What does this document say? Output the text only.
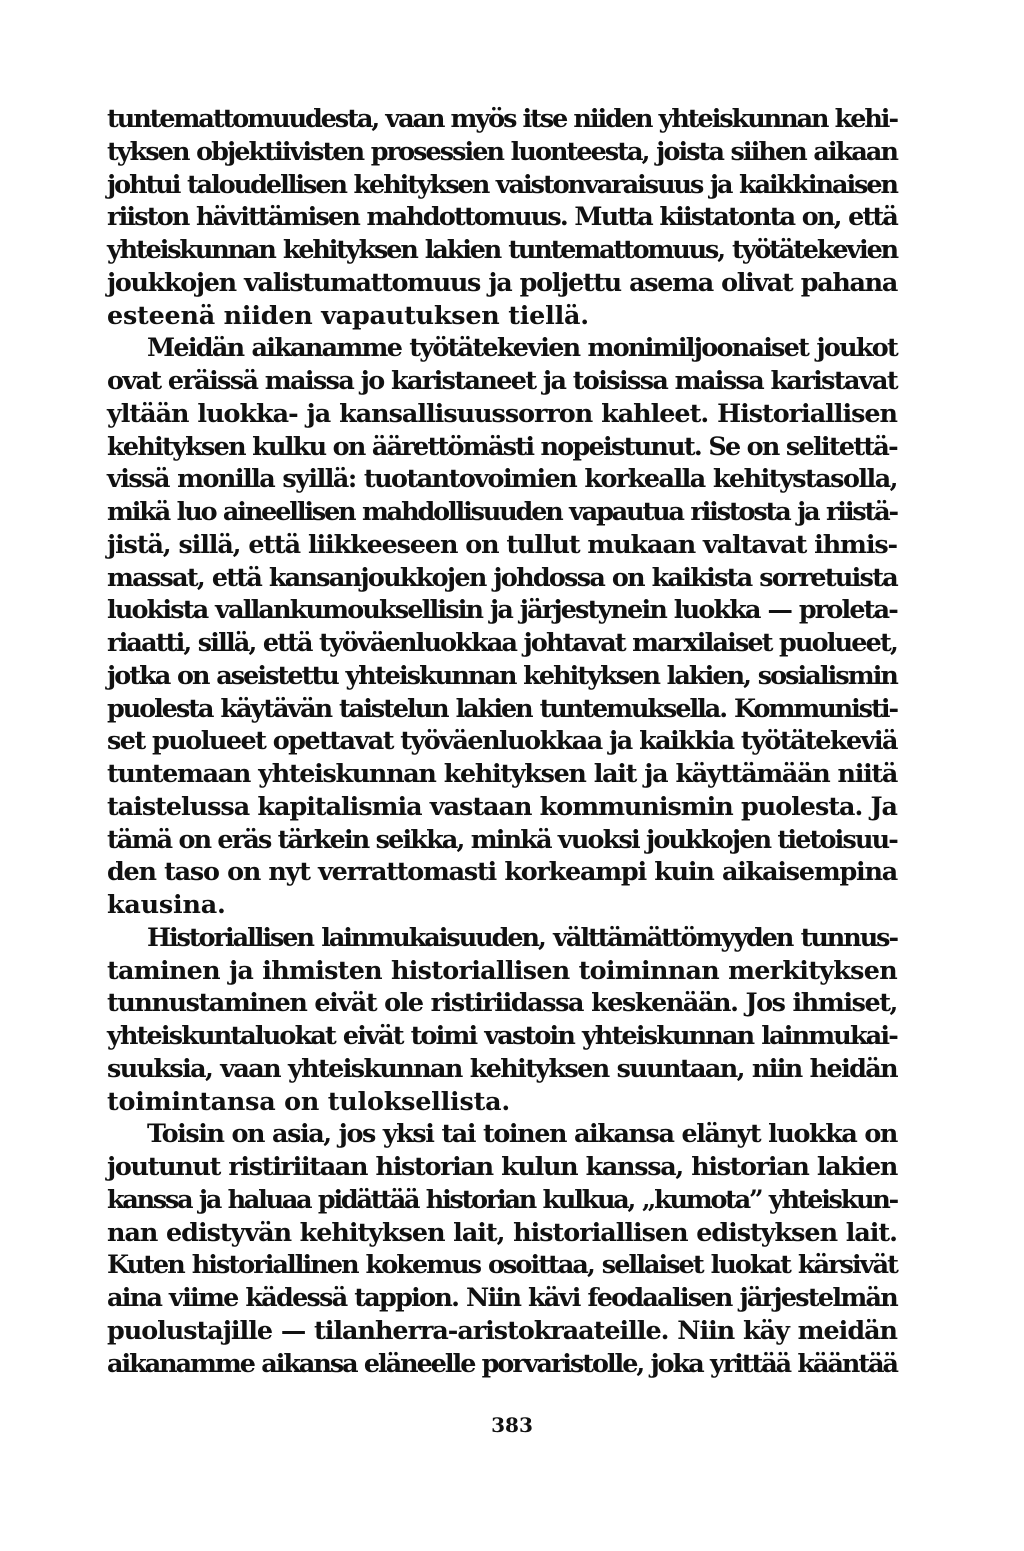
tuntemattomuudesta, vaan myös itse niiden yhteiskunnan kehi-
tyksen objektiivisten prosessien luonteesta, joista siihen aikaan
johtui taloudellisen kehityksen vaistonvaraisuus ja kaikkinaisen
riiston hävittämisen mahdottomuus. Mutta kiistatonta on, että
yhteiskunnan kehityksen lakien tuntemattomuus, työtätekevien
joukkojen valistumattomuus ja poljettu asema olivat pahana
esteenä niiden vapautuksen tiellä.
Meidän aikanamme työtätekevien monimiljoonaiset joukot
ovat eräissä maissa jo karistaneet ja toisissa maissa karistavat
yltään luokka- ja kansallisuussorron kahleet. Historiallisen
kehityksen kulku on äärettömästi nopeistunut. Se on selitettä-
vissä monilla syillä: tuotantovoimien korkealla kehitystasolla,
mikä luo aineellisen mahdollisuuden vapautua riistosta ja riistä-
jistä, sillä, että liikkeeseen on tullut mukaan valtavat ihmis-
massat, että kansanjoukkojen johdossa on kaikista sorretuista
luokista vallankumouksellisin ja järjestynein luokka — proleta-
riaatti, sillä, että työväenluokkaa johtavat marxilaiset puolueet,
jotka on aseistettu yhteiskunnan kehityksen lakien, sosialismin
puolesta käytävän taistelun lakien tuntemuksella. Kommunisti-
set puolueet opettavat työväenluokkaa ja kaikkia työtätekeviä
tuntemaan yhteiskunnan kehityksen lait ja käyttämään niitä
taistelussa kapitalismia vastaan kommunismin puolesta. Ja
tämä on eräs tärkein seikka, minkä vuoksi joukkojen tietoisuu-
den taso on nyt verrattomasti korkeampi kuin aikaisempina
kausina.
Historiallisen lainmukaisuuden, välttämättömyyden tunnus-
taminen ja ihmisten historiallisen toiminnan merkityksen
tunnustaminen eivät ole ristiriidassa keskenään. Jos ihmiset,
yhteiskuntaluokat eivät toimi vastoin yhteiskunnan lainmukai-
suuksia, vaan yhteiskunnan kehityksen suuntaan, niin heidän
toimintansa on tuloksellista.
Toisin on asia, jos yksi tai toinen aikansa elänyt luokka on
joutunut ristiriitaan historian kulun kanssa, historian lakien
kanssa ja haluaa pidättää historian kulkua, „kumota” yhteiskun-
nan edistyvän kehityksen lait, historiallisen edistyksen lait.
Kuten historiallinen kokemus osoittaa, sellaiset luokat kärsivät
aina viime kädessä tappion. Niin kävi feodaalisen järjestelmän
puolustajille — tilanherra-aristokraateille. Niin käy meidän
aikanamme aikansa eläneelle porvaristolle, joka yrittää kääntää
383
